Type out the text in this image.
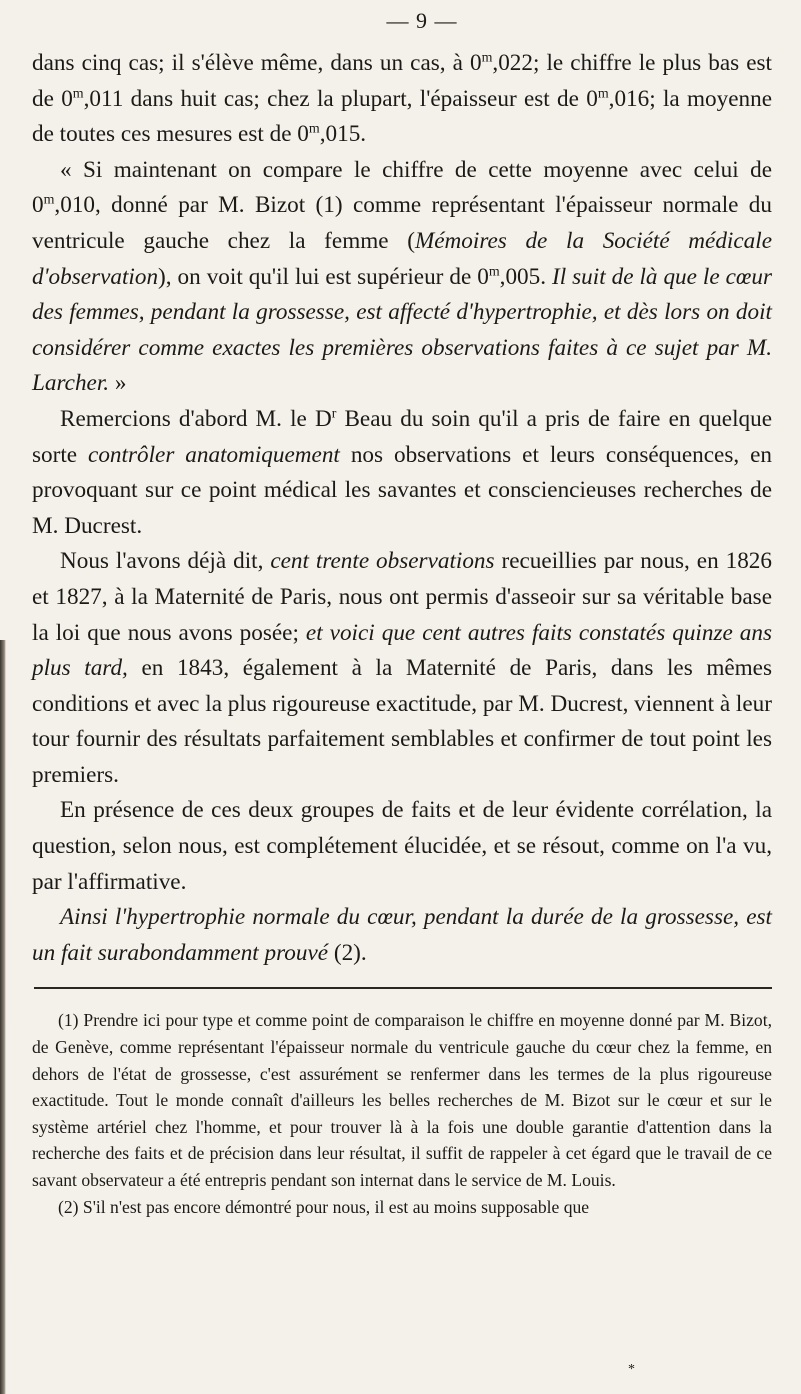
— 9 —

dans cinq cas; il s'élève même, dans un cas, à 0$^m$,022; le chiffre le plus bas est de 0$^m$,011 dans huit cas; chez la plupart, l'épaisseur est de 0$^m$,016; la moyenne de toutes ces mesures est de 0$^m$,015.

« Si maintenant on compare le chiffre de cette moyenne avec celui de 0$^m$,010, donné par M. Bizot (1) comme représentant l'épaisseur normale du ventricule gauche chez la femme (Mémoires de la Société médicale d'observation), on voit qu'il lui est supérieur de 0$^m$,005. Il suit de là que le cœur des femmes, pendant la grossesse, est affecté d'hypertrophie, et dès lors on doit considérer comme exactes les premières observations faites à ce sujet par M. Larcher. »

Remercions d'abord M. le $D^r$ Beau du soin qu'il a pris de faire en quelque sorte contrôler anatomiquement nos observations et leurs conséquences, en provoquant sur ce point médical les savantes et consciencieuses recherches de M. Ducrest.

Nous l'avons déjà dit, cent trente observations recueillies par nous, en 1826 et 1827, à la Maternité de Paris, nous ont permis d'asseoir sur sa véritable base la loi que nous avons posée; et voici que cent autres faits constatés quinze ans plus tard, en 1843, également à la Maternité de Paris, dans les mêmes conditions et avec la plus rigoureuse exactitude, par M. Ducrest, viennent à leur tour fournir des résultats parfaitement semblables et confirmer de tout point les premiers.

En présence de ces deux groupes de faits et de leur évidente corrélation, la question, selon nous, est complétement élucidée, et se résout, comme on l'a vu, par l'affirmative.

Ainsi l'hypertrophie normale du cœur, pendant la durée de la grossesse, est un fait surabondamment prouvé (2).

(1) Prendre ici pour type et comme point de comparaison le chiffre en moyenne donné par M. Bizot, de Genève, comme représentant l'épaisseur normale du ventricule gauche du cœur chez la femme, en dehors de l'état de grossesse, c'est assurément se renfermer dans les termes de la plus rigoureuse exactitude. Tout le monde connaît d'ailleurs les belles recherches de M. Bizot sur le cœur et sur le système artériel chez l'homme, et pour trouver là à la fois une double garantie d'attention dans la recherche des faits et de précision dans leur résultat, il suffit de rappeler à cet égard que le travail de ce savant observateur a été entrepris pendant son internat dans le service de M. Louis.

(2) S'il n'est pas encore démontré pour nous, il est au moins supposable que

*
